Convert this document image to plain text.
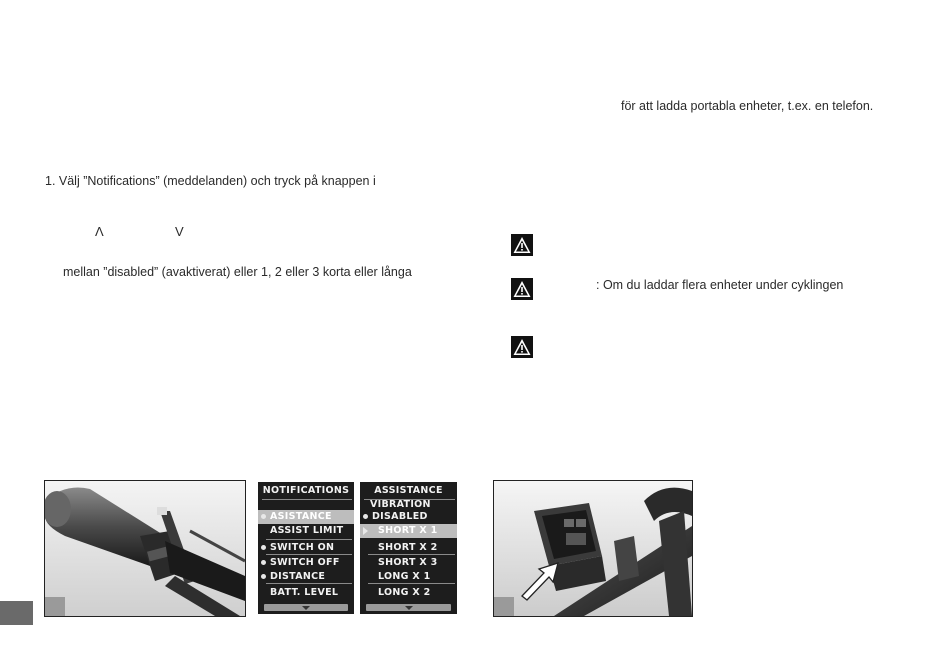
för att ladda portabla enheter, t.ex. en telefon.
1. Välj ”Notifications” (meddelanden) och tryck på knappen i
Λ	V
mellan ”disabled” (avaktiverat) eller 1, 2 eller 3 korta eller långa
: Om du laddar flera enheter under cyklingen
NOTIFICATIONS
ASISTANCE
ASSIST LIMIT
SWITCH ON
SWITCH OFF
DISTANCE
BATT. LEVEL
ASSISTANCE
VIBRATION
DISABLED
SHORT X 1
SHORT X 2
SHORT X 3
LONG X 1
LONG X 2
